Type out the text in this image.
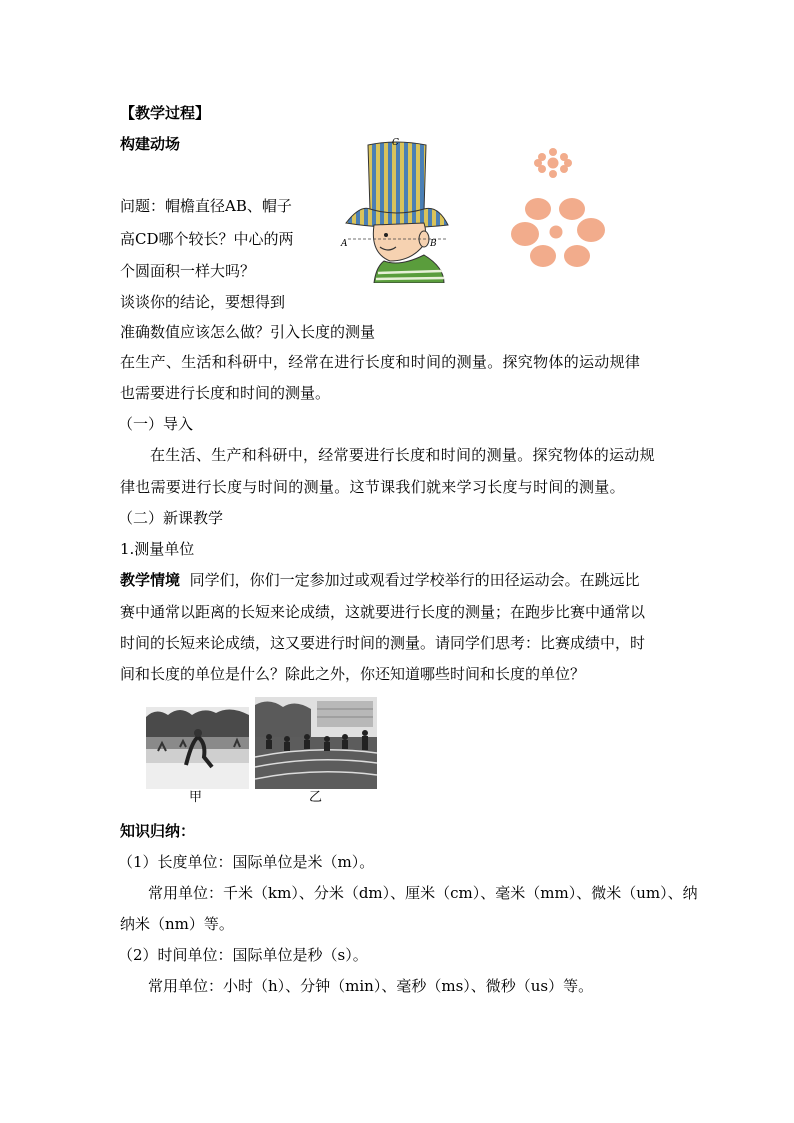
【教学过程】
构建动场
问题：帽檐直径AB、帽子
高CD哪个较长？中心的两
个圆面积一样大吗？
谈谈你的结论，要想得到
准确数值应该怎么做？引入长度的测量
C
A	B
在生产、生活和科研中，经常在进行长度和时间的测量。探究物体的运动规律
也需要进行长度和时间的测量。
（一）导入
在生活、生产和科研中，经常要进行长度和时间的测量。探究物体的运动规
律也需要进行长度与时间的测量。这节课我们就来学习长度与时间的测量。
（二）新课教学
1.测量单位
教学情境 同学们，你们一定参加过或观看过学校举行的田径运动会。在跳远比
赛中通常以距离的长短来论成绩，这就要进行长度的测量；在跑步比赛中通常以
时间的长短来论成绩，这又要进行时间的测量。请同学们思考：比赛成绩中，时
间和长度的单位是什么？除此之外，你还知道哪些时间和长度的单位？
甲	乙
知识归纳：
（1）长度单位：国际单位是米（m）。
常用单位：千米（km）、分米（dm）、厘米（cm）、毫米（mm）、微米（um）、纳
纳米（nm）等。
（2）时间单位：国际单位是秒（s）。
常用单位：小时（h）、分钟（min）、毫秒（ms）、微秒（us）等。
